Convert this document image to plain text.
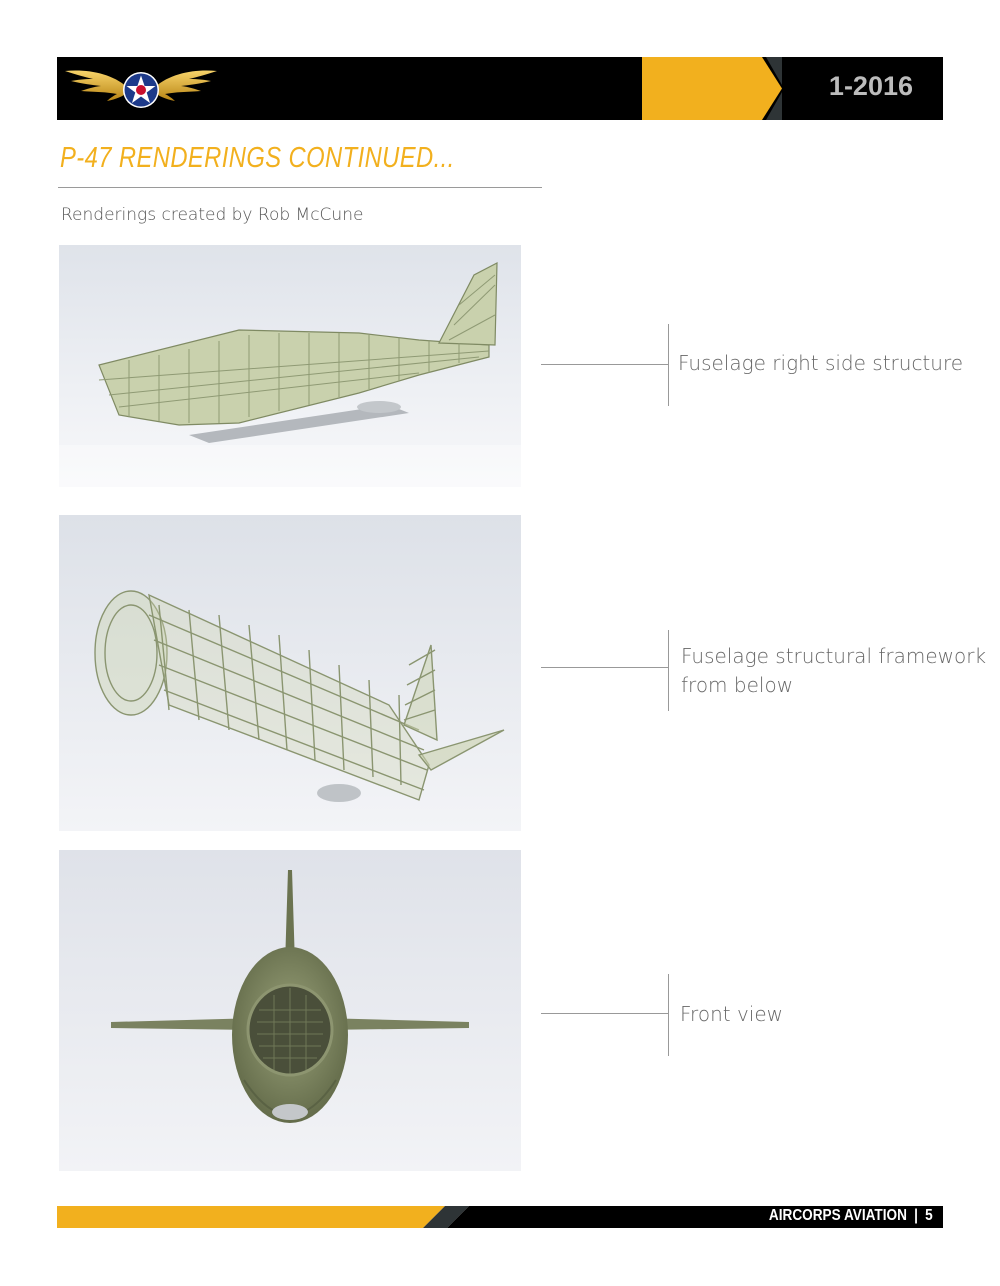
1-2016
P-47 RENDERINGS CONTINUED...
Renderings created by Rob McCune
Fuselage right side structure
Fuselage structural framework
from below
Front view
AIRCORPS AVIATION | 5
